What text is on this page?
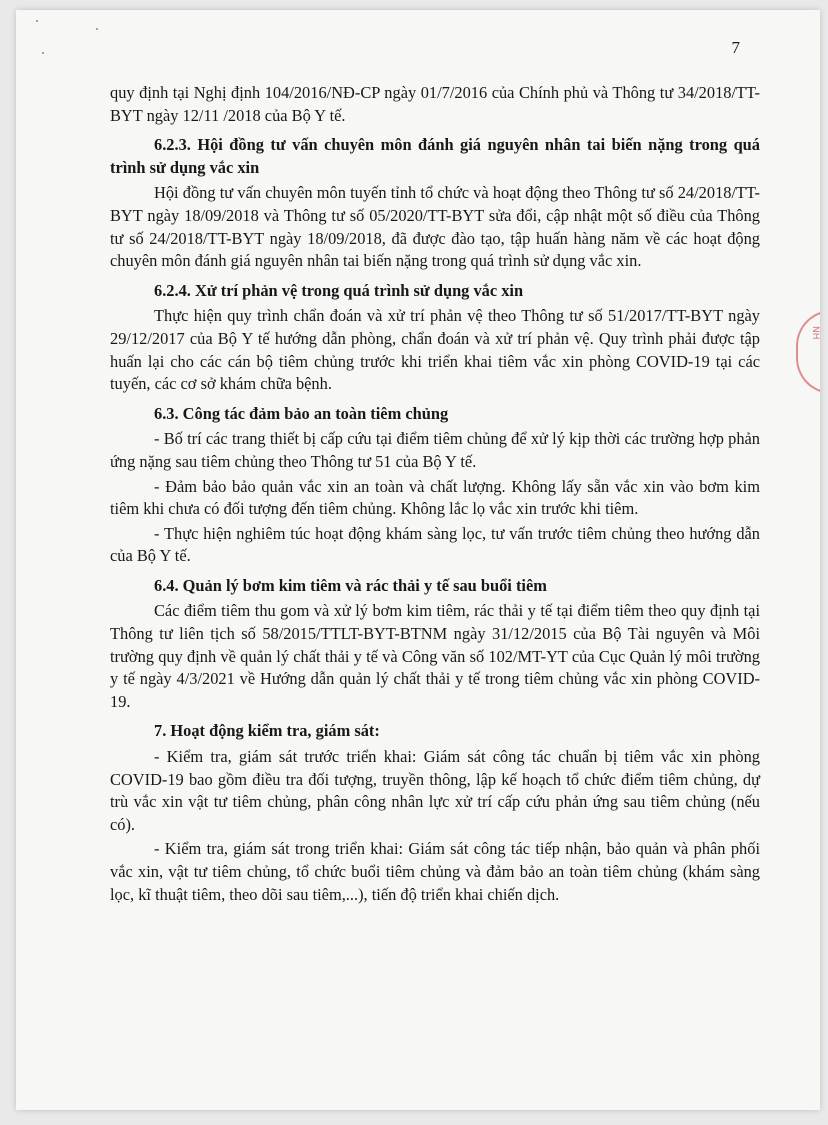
7
NH

quy định tại Nghị định 104/2016/NĐ-CP ngày 01/7/2016 của Chính phủ và Thông tư 34/2018/TT-BYT ngày 12/11 /2018 của Bộ Y tế.

6.2.3. Hội đồng tư vấn chuyên môn đánh giá nguyên nhân tai biến nặng trong quá trình sử dụng vắc xin

Hội đồng tư vấn chuyên môn tuyến tỉnh tổ chức và hoạt động theo Thông tư số 24/2018/TT-BYT ngày 18/09/2018 và Thông tư số 05/2020/TT-BYT sửa đổi, cập nhật một số điều của Thông tư số 24/2018/TT-BYT ngày 18/09/2018, đã được đào tạo, tập huấn hàng năm về các hoạt động chuyên môn đánh giá nguyên nhân tai biến nặng trong quá trình sử dụng vắc xin.

6.2.4. Xử trí phản vệ trong quá trình sử dụng vắc xin

Thực hiện quy trình chẩn đoán và xử trí phản vệ theo Thông tư số 51/2017/TT-BYT ngày 29/12/2017 của Bộ Y tế hướng dẫn phòng, chẩn đoán và xử trí phản vệ. Quy trình phải được tập huấn lại cho các cán bộ tiêm chủng trước khi triển khai tiêm vắc xin phòng COVID-19 tại các tuyến, các cơ sở khám chữa bệnh.

6.3. Công tác đảm bảo an toàn tiêm chủng

- Bố trí các trang thiết bị cấp cứu tại điểm tiêm chủng để xử lý kịp thời các trường hợp phản ứng nặng sau tiêm chủng theo Thông tư 51 của Bộ Y tế.

- Đảm bảo bảo quản vắc xin an toàn và chất lượng. Không lấy sẵn vắc xin vào bơm kim tiêm khi chưa có đối tượng đến tiêm chủng. Không lắc lọ vắc xin trước khi tiêm.

- Thực hiện nghiêm túc hoạt động khám sàng lọc, tư vấn trước tiêm chủng theo hướng dẫn của Bộ Y tế.

6.4. Quản lý bơm kim tiêm và rác thải y tế sau buổi tiêm

Các điểm tiêm thu gom và xử lý bơm kim tiêm, rác thải y tế tại điểm tiêm theo quy định tại Thông tư liên tịch số 58/2015/TTLT-BYT-BTNM ngày 31/12/2015 của Bộ Tài nguyên và Môi trường quy định về quản lý chất thải y tế và Công văn số 102/MT-YT của Cục Quản lý môi trường y tế ngày 4/3/2021 về Hướng dẫn quản lý chất thải y tế trong tiêm chủng vắc xin phòng COVID-19.

7. Hoạt động kiểm tra, giám sát:

- Kiểm tra, giám sát trước triển khai: Giám sát công tác chuẩn bị tiêm vắc xin phòng COVID-19 bao gồm điều tra đối tượng, truyền thông, lập kế hoạch tổ chức điểm tiêm chủng, dự trù vắc xin vật tư tiêm chủng, phân công nhân lực xử trí cấp cứu phản ứng sau tiêm chủng (nếu có).

- Kiểm tra, giám sát trong triển khai: Giám sát công tác tiếp nhận, bảo quản và phân phối vắc xin, vật tư tiêm chủng, tổ chức buổi tiêm chủng và đảm bảo an toàn tiêm chủng (khám sàng lọc, kĩ thuật tiêm, theo dõi sau tiêm,...), tiến độ triển khai chiến dịch.
